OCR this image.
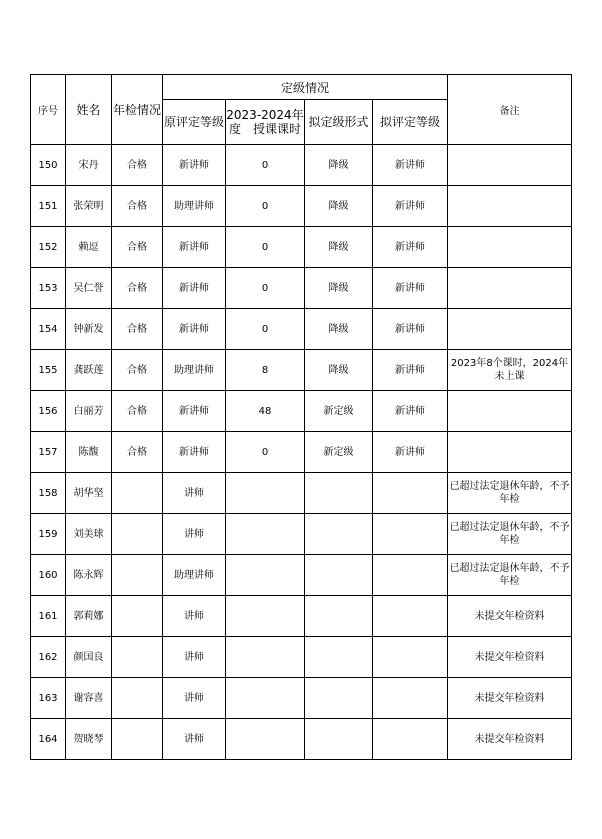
序号	姓名	年检情况	定级情况				备注
			原评定等级	2023-2024年度　授课课时	拟定级形式	拟评定等级	
150	宋丹	合格	新讲师	0	降级	新讲师	
151	张荣明	合格	助理讲师	0	降级	新讲师	
152	赖逗	合格	新讲师	0	降级	新讲师	
153	吴仁誉	合格	新讲师	0	降级	新讲师	
154	钟新发	合格	新讲师	0	降级	新讲师	
155	龚跃莲	合格	助理讲师	8	降级	新讲师	2023年8个课时，2024年未上课
156	白丽芳	合格	新讲师	48	新定级	新讲师	
157	陈馥	合格	新讲师	0	新定级	新讲师	
158	胡华坚		讲师				已超过法定退休年龄，不予年检
159	刘美球		讲师				已超过法定退休年龄，不予年检
160	陈永辉		助理讲师				已超过法定退休年龄，不予年检
161	郭莉娜		讲师				未提交年检资料
162	颜国良		讲师				未提交年检资料
163	谢容喜		讲师				未提交年检资料
164	贺晓琴		讲师				未提交年检资料
